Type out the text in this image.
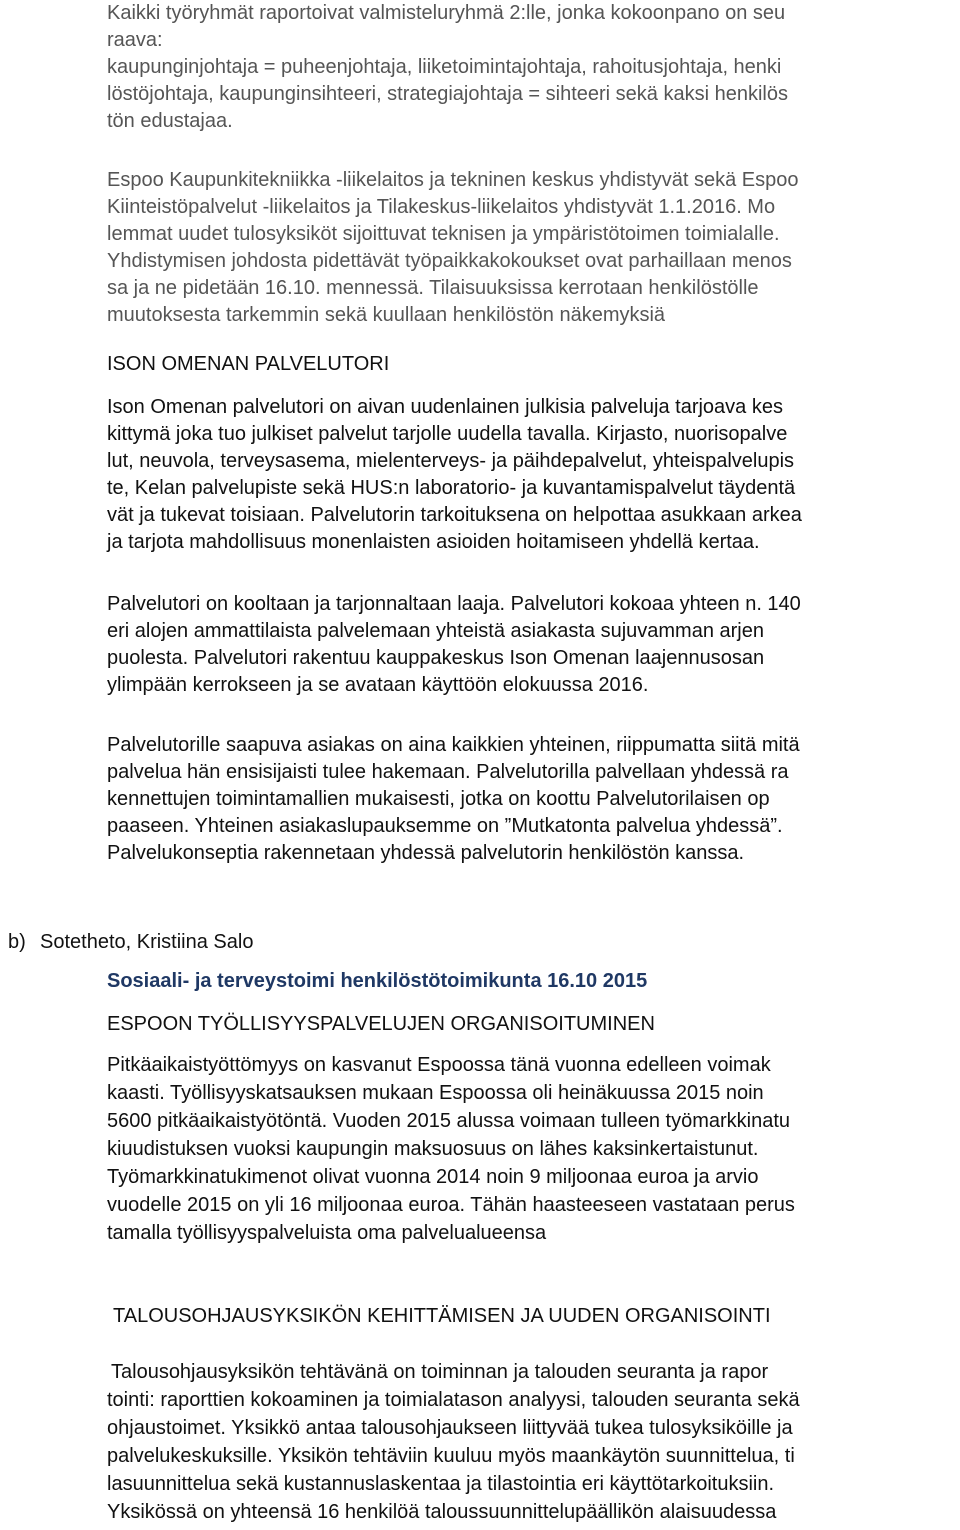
Kaikki työryhmät raportoivat valmisteluryhmä 2:lle, jonka kokoonpano on seu
raava:
kaupunginjohtaja = puheenjohtaja, liiketoimintajohtaja, rahoitusjohtaja, henki
löstöjohtaja, kaupunginsihteeri, strategiajohtaja = sihteeri sekä kaksi henkilös
tön edustajaa.
Espoo Kaupunkitekniikka -liikelaitos ja tekninen keskus yhdistyvät sekä Espoo
Kiinteistöpalvelut -liikelaitos ja Tilakeskus-liikelaitos yhdistyvät 1.1.2016. Mo
lemmat uudet tulosyksiköt sijoittuvat teknisen ja ympäristötoimen toimialalle.
Yhdistymisen johdosta pidettävät työpaikkakokoukset ovat parhaillaan menos
sa ja ne pidetään 16.10. mennessä. Tilaisuuksissa kerrotaan henkilöstölle
muutoksesta tarkemmin sekä kuullaan henkilöstön näkemyksiä
ISON OMENAN PALVELUTORI
Ison Omenan palvelutori on aivan uudenlainen julkisia palveluja tarjoava kes
kittymä joka tuo julkiset palvelut tarjolle uudella tavalla. Kirjasto, nuorisopalve
lut, neuvola, terveysasema, mielenterveys- ja päihdepalvelut, yhteispalvelupis
te, Kelan palvelupiste sekä HUS:n laboratorio- ja kuvantamispalvelut täydentä
vät ja tukevat toisiaan. Palvelutorin tarkoituksena on helpottaa asukkaan arkea
ja tarjota mahdollisuus monenlaisten asioiden hoitamiseen yhdellä kertaa.
Palvelutori on kooltaan ja tarjonnaltaan laaja. Palvelutori kokoaa yhteen n. 140
eri alojen ammattilaista palvelemaan yhteistä asiakasta sujuvamman arjen
puolesta. Palvelutori rakentuu kauppakeskus Ison Omenan laajennusosan
ylimpään kerrokseen ja se avataan käyttöön elokuussa 2016.
Palvelutorille saapuva asiakas on aina kaikkien yhteinen, riippumatta siitä mitä
palvelua hän ensisijaisti tulee hakemaan. Palvelutorilla palvellaan yhdessä ra
kennettujen toimintamallien mukaisesti, jotka on koottu Palvelutorilaisen op
paaseen. Yhteinen asiakaslupauksemme on ”Mutkatonta palvelua yhdessä”.
Palvelukonseptia rakennetaan yhdessä palvelutorin henkilöstön kanssa.
b) Sotetheto, Kristiina Salo
Sosiaali- ja terveystoimi henkilöstötoimikunta 16.10 2015
ESPOON TYÖLLISYYSPALVELUJEN ORGANISOITUMINEN
Pitkäaikaistyöttömyys on kasvanut Espoossa tänä vuonna edelleen voimak
kaasti. Työllisyyskatsauksen mukaan Espoossa oli heinäkuussa 2015 noin
5600 pitkäaikaistyötöntä. Vuoden 2015 alussa voimaan tulleen työmarkkinatu
kiuudistuksen vuoksi kaupungin maksuosuus on lähes kaksinkertaistunut.
Työmarkkinatukimenot olivat vuonna 2014 noin 9 miljoonaa euroa ja arvio
vuodelle 2015 on yli 16 miljoonaa euroa. Tähän haasteeseen vastataan perus
tamalla työllisyyspalveluista oma palvelualueensa
TALOUSOHJAUSYKSIKÖN KEHITTÄMISEN JA UUDEN ORGANISOINTI
Talousohjausyksikön tehtävänä on toiminnan ja talouden seuranta ja rapor
tointi: raporttien kokoaminen ja toimialatason analyysi, talouden seuranta sekä
ohjaustoimet. Yksikkö antaa talousohjaukseen liittyvää tukea tulosyksiköille ja
palvelukeskuksille. Yksikön tehtäviin kuuluu myös maankäytön suunnittelua, ti
lasuunnittelua sekä kustannuslaskentaa ja tilastointia eri käyttötarkoituksiin.
Yksikössä on yhteensä 16 henkilöä taloussuunnittelupäällikön alaisuudessa
